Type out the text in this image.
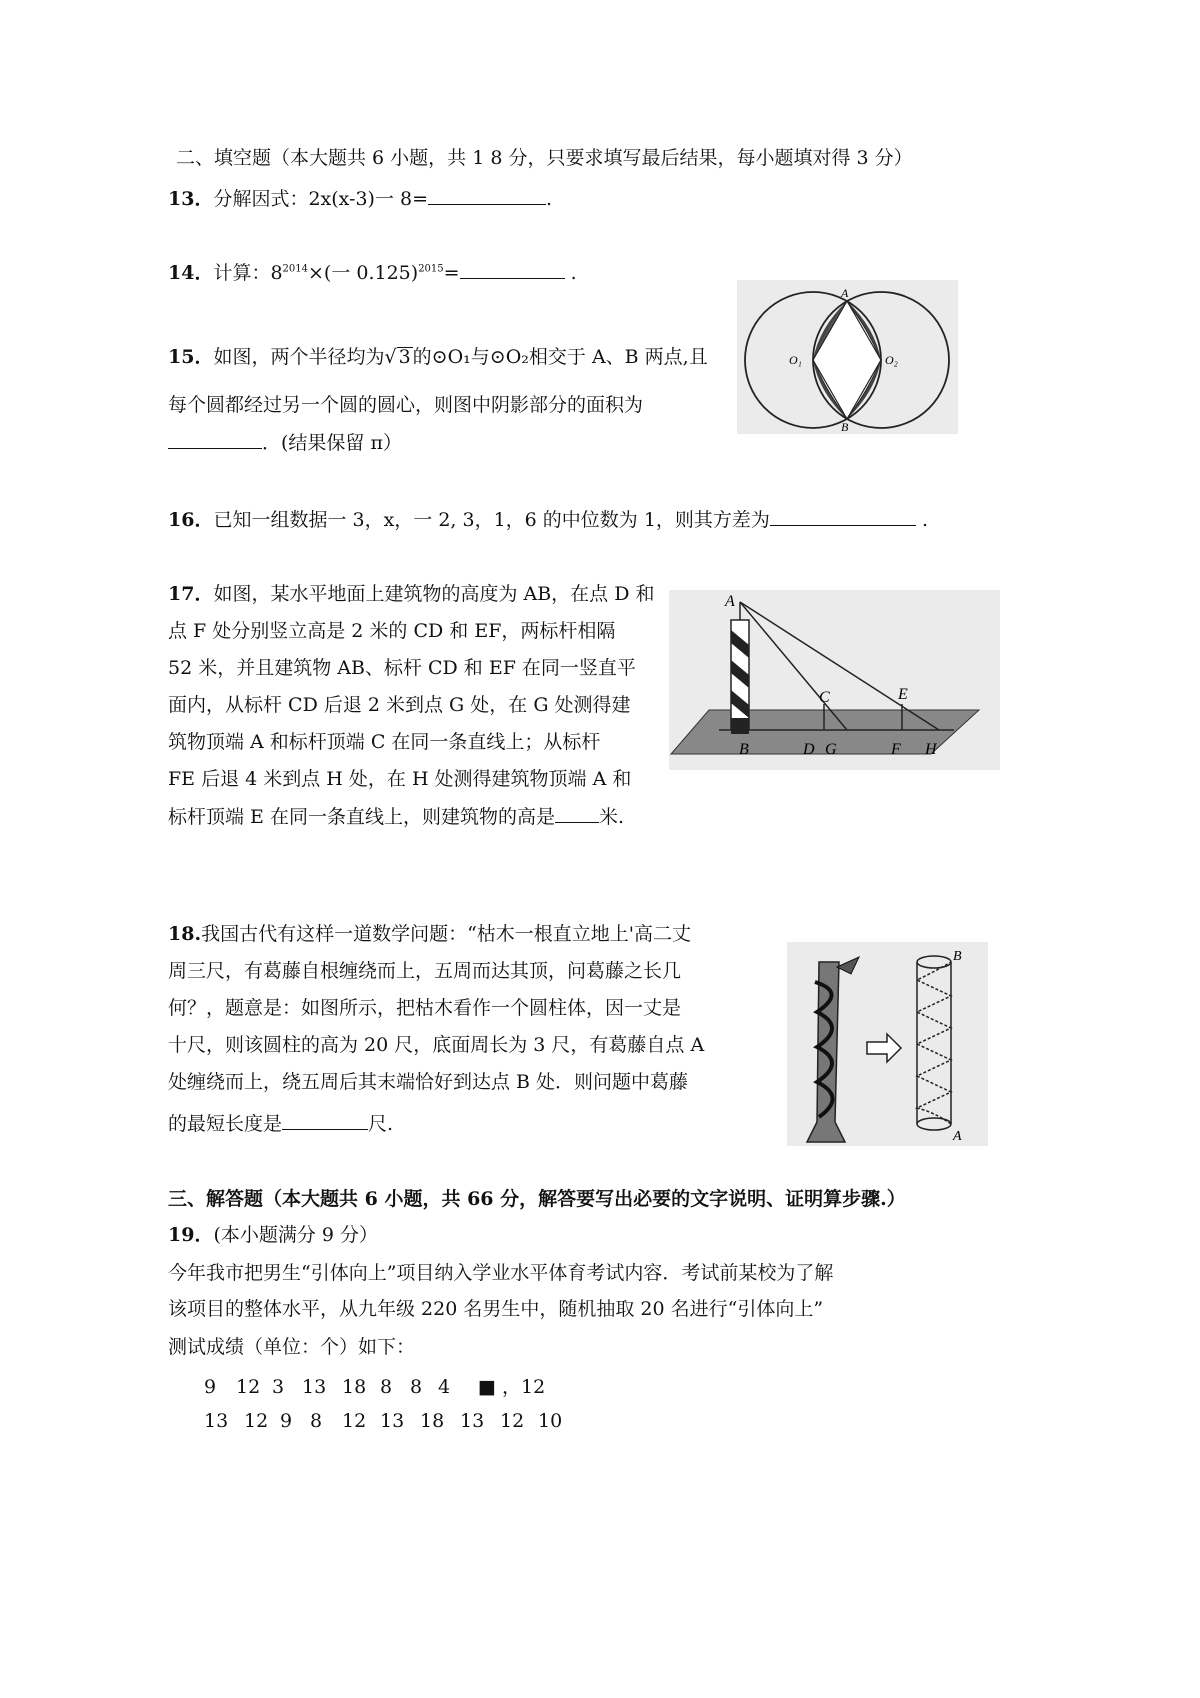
二、填空题（本大题共 6 小题，共 1 8 分，只要求填写最后结果，每小题填对得 3 分）
13．分解因式：2x(x-3)一 8=	.
14．计算：$8^{2014}\times$(一 0.125)$^{2015}$=	.
15．如图，两个半径均为√ 3 的⊙O₁与⊙O₂相交于 A、B 两点,且
每个圆都经过另一个圆的圆心，则图中阴影部分的面积为
．(结果保留 π）
A
B
O₁	O₂
16．已知一组数据一 3，x，一 2, 3，1，6 的中位数为 1，则其方差为	.
17．如图，某水平地面上建筑物的高度为 AB，在点 D 和
点 F 处分别竖立高是 2 米的 CD 和 EF，两标杆相隔
52 米，并且建筑物 AB、标杆 CD 和 EF 在同一竖直平
面内，从标杆 CD 后退 2 米到点 G 处，在 G 处测得建
筑物顶端 A 和标杆顶端 C 在同一条直线上；从标杆
FE 后退 4 米到点 H 处，在 H 处测得建筑物顶端 A 和
标杆顶端 E 在同一条直线上，则建筑物的高是 米.
A
B
C
D
E
F
G	H
18.我国古代有这样一道数学问题：“枯木一根直立地上'高二丈
周三尺，有葛藤自根缠绕而上，五周而达其顶，问葛藤之长几
何？，题意是：如图所示，把枯木看作一个圆柱体，因一丈是
十尺，则该圆柱的高为 20 尺，底面周长为 3 尺，有葛藤自点 A
处缠绕而上，绕五周后其末端恰好到达点 B 处．则问题中葛藤
的最短长度是	尺.
B
A
三、解答题（本大题共 6 小题，共 66 分，解答要写出必要的文字说明、证明算步骤.）
19．(本小题满分 9 分）
今年我市把男生“引体向上”项目纳入学业水平体育考试内容．考试前某校为了解
该项目的整体水平，从九年级 220 名男生中，随机抽取 20 名进行“引体向上”
测试成绩（单位：个）如下：
9 12 3 13 18 8 8 4 ■ ，12
13 12 9 8 12 13 18 13 12 10
